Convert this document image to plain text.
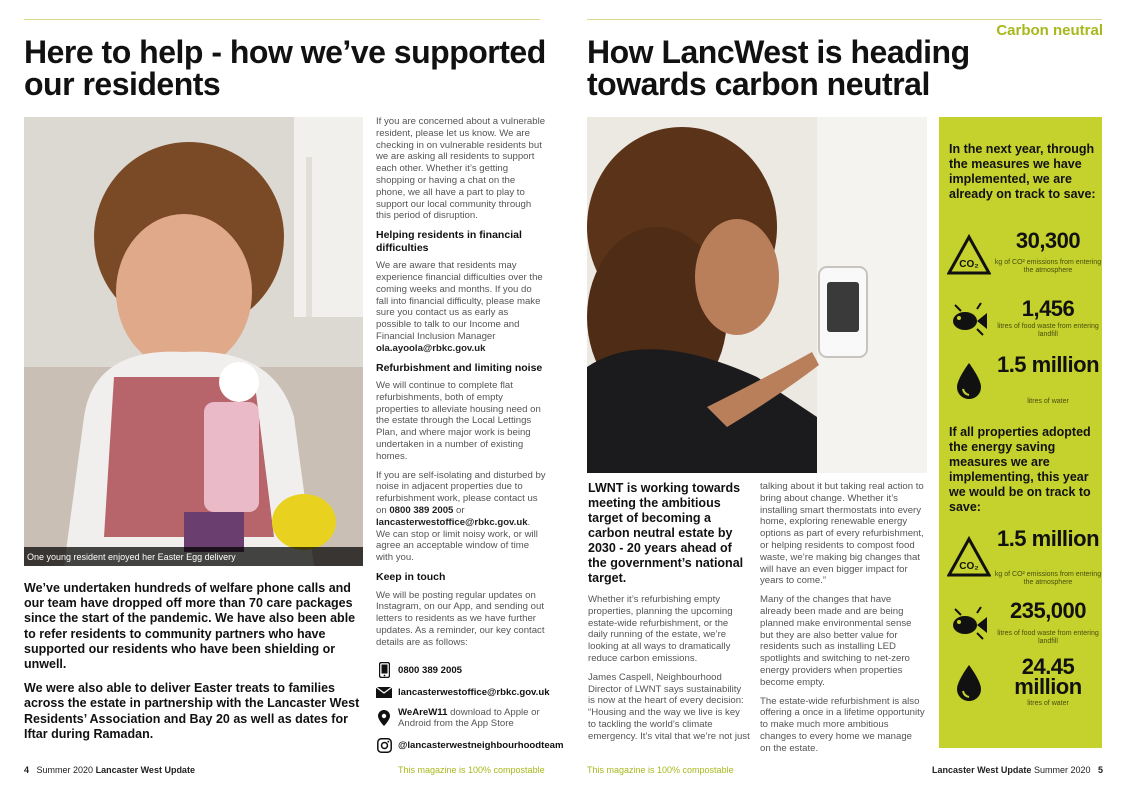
Carbon neutral
Here to help - how we’ve supported
our residents
One young resident enjoyed her Easter Egg delivery

We’ve undertaken hundreds of welfare phone calls and our team have dropped off more than 70 care packages since the start of the pandemic. We have also been able to refer residents to community partners who have supported our residents who have been shielding or unwell.

We were also able to deliver Easter treats to families across the estate in partnership with the Lancaster West Residents’ Association and Bay 20 as well as dates for Iftar during Ramadan.

If you are concerned about a vulnerable resident, please let us know. We are checking in on vulnerable residents but we are asking all residents to support each other. Whether it’s getting shopping or having a chat on the phone, we all have a part to play to support our local community through this period of disruption.

Helping residents in financial difficulties

We are aware that residents may experience financial difficulties over the coming weeks and months. If you do fall into financial difficulty, please make sure you contact us as early as possible to talk to our Income and Financial Inclusion Manager ola.ayoola@rbkc.gov.uk

Refurbishment and limiting noise

We will continue to complete flat refurbishments, both of empty properties to alleviate housing need on the estate through the Local Lettings Plan, and where major work is being undertaken in a number of existing homes.

If you are self-isolating and disturbed by noise in adjacent properties due to refurbishment work, please contact us on 0800 389 2005 or lancasterwestoffice@rbkc.gov.uk. We can stop or limit noisy work, or will agree an acceptable window of time with you.

Keep in touch

We will be posting regular updates on Instagram, on our App, and sending out letters to residents as we have further updates. As a reminder, our key contact details are as follows:

0800 389 2005
lancasterwestoffice@rbkc.gov.uk
WeAreW11 download to Apple or Android from the App Store
@lancasterwestneighbourhoodteam
4 Summer 2020 Lancaster West Update	This magazine is 100% compostable
How LancWest is heading
towards carbon neutral
LWNT is working towards meeting the ambitious target of becoming a carbon neutral estate by 2030 - 20 years ahead of the government’s national target.

Whether it’s refurbishing empty properties, planning the upcoming estate-wide refurbishment, or the daily running of the estate, we’re looking at all ways to dramatically reduce carbon emissions.

James Caspell, Neighbourhood Director of LWNT says sustainability is now at the heart of every decision: “Housing and the way we live is key to tackling the world’s climate emergency. It’s vital that we’re not just

talking about it but taking real action to bring about change. Whether it’s installing smart thermostats into every home, exploring renewable energy options as part of every refurbishment, or helping residents to compost food waste, we’re making big changes that will have an even bigger impact for years to come.”

Many of the changes that have already been made and are being planned make environmental sense but they are also better value for residents such as installing LED spotlights and switching to net-zero energy providers when properties become empty.

The estate-wide refurbishment is also offering a once in a lifetime opportunity to make much more ambitious changes to every home we manage on the estate.

In the next year, through the measures we have implemented, we are already on track to save:
CO₂
30,300
kg of CO² emissions from entering the atmosphere
1,456
litres of food waste from entering landfill
1.5 million
litres of water
If all properties adopted the energy saving measures we are implementing, this year we would be on track to save:
CO₂
1.5 million
kg of CO² emissions from entering the atmosphere
235,000
litres of food waste from entering landfill
24.45 million
litres of water
This magazine is 100% compostable	Lancaster West Update Summer 2020 5
